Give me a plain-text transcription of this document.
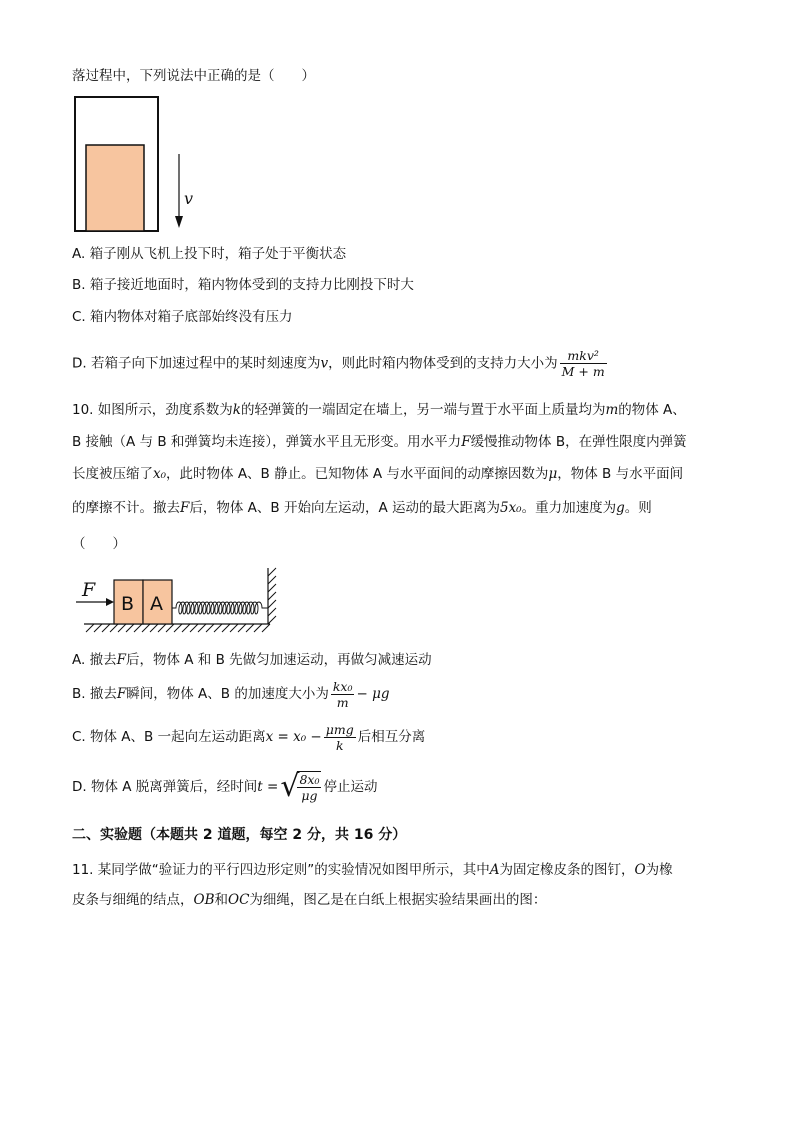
落过程中，下列说法中正确的是（　　）
v
A. 箱子刚从飞机上投下时，箱子处于平衡状态
B. 箱子接近地面时，箱内物体受到的支持力比刚投下时大
C. 箱内物体对箱子底部始终没有压力
D. 若箱子向下加速过程中的某时刻速度为v，则此时箱内物体受到的支持力大小为 $\frac{\text{mkv²}}{M + m}$
10. 如图所示，劲度系数为k的轻弹簧的一端固定在墙上，另一端与置于水平面上质量均为m的物体 A、
B 接触（A 与 B 和弹簧均未连接），弹簧水平且无形变。用水平力F缓慢推动物体 B，在弹性限度内弹簧
长度被压缩了x₀，此时物体 A、B 静止。已知物体 A 与水平面间的动摩擦因数为μ，物体 B 与水平面间
的摩擦不计。撤去F后，物体 A、B 开始向左运动，A 运动的最大距离为5x₀。重力加速度为g。则
（　　）
B A
F
A. 撤去F后，物体 A 和 B 先做匀加速运动，再做匀减速运动
B. 撤去F瞬间，物体 A、B 的加速度大小为 $\frac{\text{kx₀}}{m} - \mu g$
C. 物体 A、B 一起向左运动距离$x = x_0 - \frac{\text{μmg}}{k}$ 后相互分离
D. 物体 A 脱离弹簧后，经时间t =√
$\frac{\text{8x₀}}{\mu g}$ 停止运动
二、实验题（本题共 2 道题，每空 2 分，共 16 分）
11. 某同学做“验证力的平行四边形定则”的实验情况如图甲所示，其中A为固定橡皮条的图钉，O为橡
皮条与细绳的结点，OB和OC为细绳，图乙是在白纸上根据实验结果画出的图：
